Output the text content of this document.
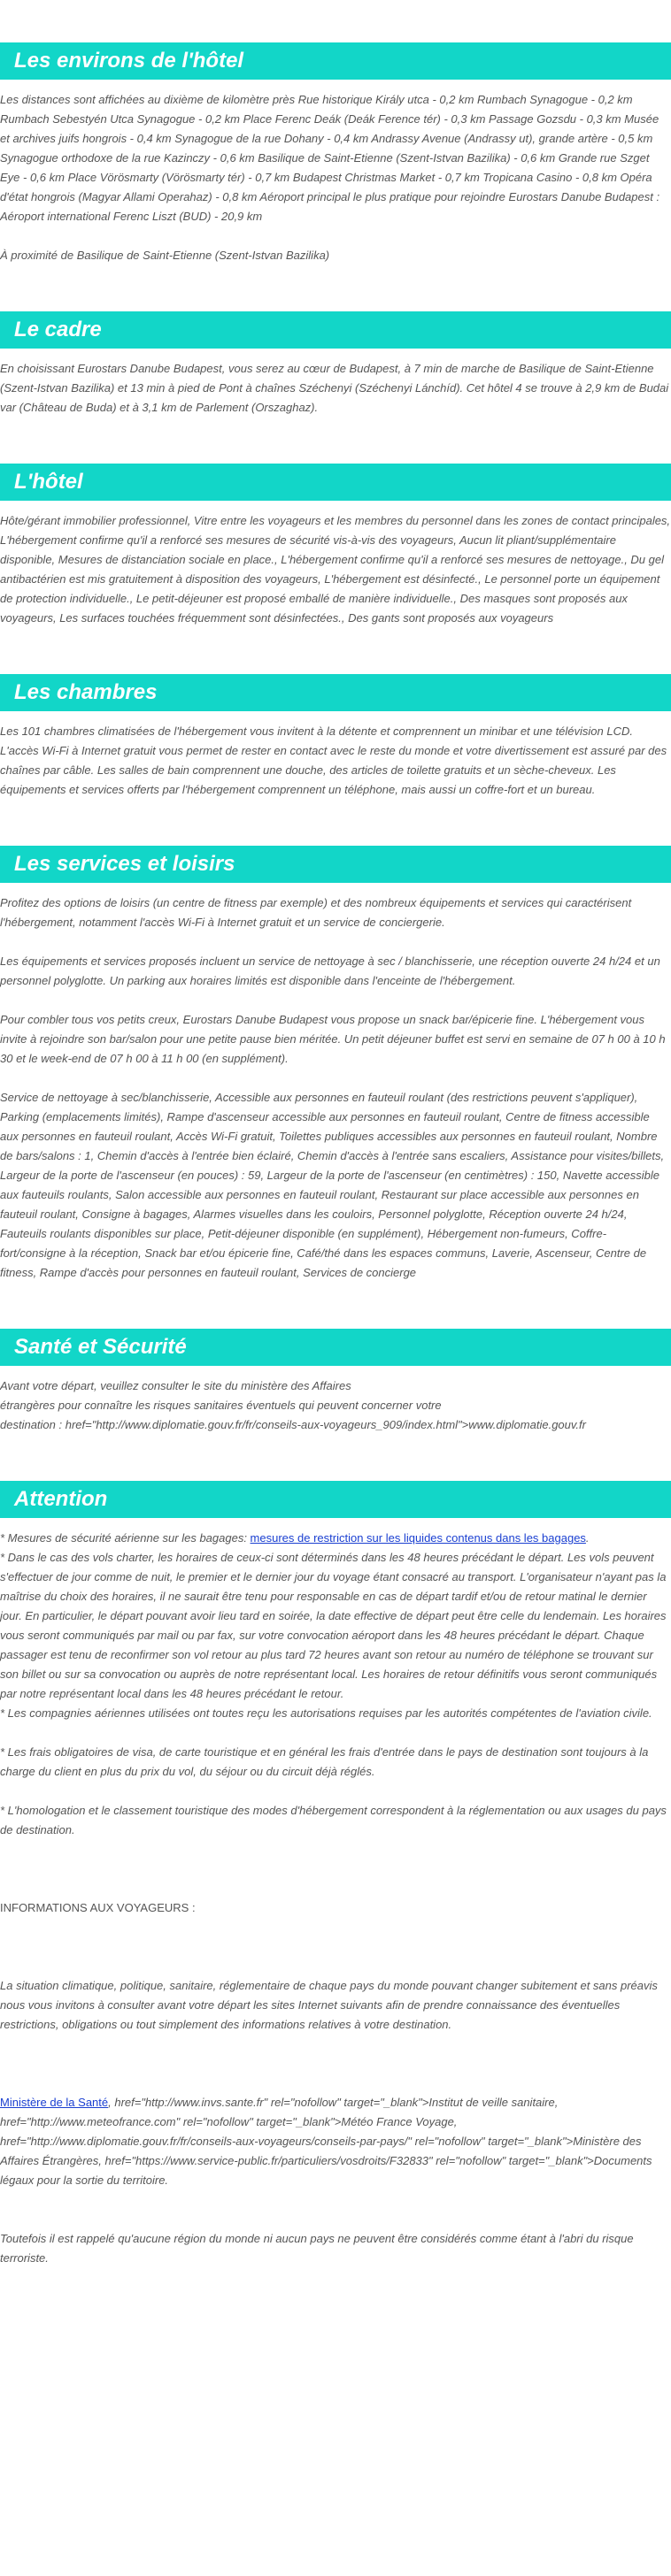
Les environs de l'hôtel

Les distances sont affichées au dixième de kilomètre près Rue historique Király utca - 0,2 km Rumbach Synagogue - 0,2 km Rumbach Sebestyén Utca Synagogue - 0,2 km Place Ferenc Deák (Deák Ference tér) - 0,3 km Passage Gozsdu - 0,3 km Musée et archives juifs hongrois - 0,4 km Synagogue de la rue Dohany - 0,4 km Andrassy Avenue (Andrassy ut), grande artère - 0,5 km Synagogue orthodoxe de la rue Kazinczy - 0,6 km Basilique de Saint-Etienne (Szent-Istvan Bazilika) - 0,6 km Grande rue Szget Eye - 0,6 km Place Vörösmarty (Vörösmarty tér) - 0,7 km Budapest Christmas Market - 0,7 km Tropicana Casino - 0,8 km Opéra d'état hongrois (Magyar Allami Operahaz) - 0,8 km Aéroport principal le plus pratique pour rejoindre Eurostars Danube Budapest : Aéroport international Ferenc Liszt (BUD) - 20,9 km

À proximité de Basilique de Saint-Etienne (Szent-Istvan Bazilika)

Le cadre

En choisissant Eurostars Danube Budapest, vous serez au cœur de Budapest, à 7 min de marche de Basilique de Saint-Etienne (Szent-Istvan Bazilika) et 13 min à pied de Pont à chaînes Széchenyi (Széchenyi Lánchíd). Cet hôtel 4 se trouve à 2,9 km de Budai var (Château de Buda) et à 3,1 km de Parlement (Orszaghaz).

L'hôtel

Hôte/gérant immobilier professionnel, Vitre entre les voyageurs et les membres du personnel dans les zones de contact principales, L'hébergement confirme qu'il a renforcé ses mesures de sécurité vis-à-vis des voyageurs, Aucun lit pliant/supplémentaire disponible, Mesures de distanciation sociale en place., L'hébergement confirme qu'il a renforcé ses mesures de nettoyage., Du gel antibactérien est mis gratuitement à disposition des voyageurs, L'hébergement est désinfecté., Le personnel porte un équipement de protection individuelle., Le petit-déjeuner est proposé emballé de manière individuelle., Des masques sont proposés aux voyageurs, Les surfaces touchées fréquemment sont désinfectées., Des gants sont proposés aux voyageurs

Les chambres

Les 101 chambres climatisées de l'hébergement vous invitent à la détente et comprennent un minibar et une télévision LCD. L'accès Wi-Fi à Internet gratuit vous permet de rester en contact avec le reste du monde et votre divertissement est assuré par des chaînes par câble. Les salles de bain comprennent une douche, des articles de toilette gratuits et un sèche-cheveux. Les équipements et services offerts par l'hébergement comprennent un téléphone, mais aussi un coffre-fort et un bureau.

Les services et loisirs

Profitez des options de loisirs (un centre de fitness par exemple) et des nombreux équipements et services qui caractérisent l'hébergement, notamment l'accès Wi-Fi à Internet gratuit et un service de conciergerie.

Les équipements et services proposés incluent un service de nettoyage à sec / blanchisserie, une réception ouverte 24 h/24 et un personnel polyglotte. Un parking aux horaires limités est disponible dans l'enceinte de l'hébergement.

Pour combler tous vos petits creux, Eurostars Danube Budapest vous propose un snack bar/épicerie fine. L'hébergement vous invite à rejoindre son bar/salon pour une petite pause bien méritée. Un petit déjeuner buffet est servi en semaine de 07 h 00 à 10 h 30 et le week-end de 07 h 00 à 11 h 00 (en supplément).

Service de nettoyage à sec/blanchisserie, Accessible aux personnes en fauteuil roulant (des restrictions peuvent s'appliquer), Parking (emplacements limités), Rampe d'ascenseur accessible aux personnes en fauteuil roulant, Centre de fitness accessible aux personnes en fauteuil roulant, Accès Wi-Fi gratuit, Toilettes publiques accessibles aux personnes en fauteuil roulant, Nombre de bars/salons : 1, Chemin d'accès à l'entrée bien éclairé, Chemin d'accès à l'entrée sans escaliers, Assistance pour visites/billets, Largeur de la porte de l'ascenseur (en pouces) : 59, Largeur de la porte de l'ascenseur (en centimètres) : 150, Navette accessible aux fauteuils roulants, Salon accessible aux personnes en fauteuil roulant, Restaurant sur place accessible aux personnes en fauteuil roulant, Consigne à bagages, Alarmes visuelles dans les couloirs, Personnel polyglotte, Réception ouverte 24 h/24, Fauteuils roulants disponibles sur place, Petit-déjeuner disponible (en supplément), Hébergement non-fumeurs, Coffre-fort/consigne à la réception, Snack bar et/ou épicerie fine, Café/thé dans les espaces communs, Laverie, Ascenseur, Centre de fitness, Rampe d'accès pour personnes en fauteuil roulant, Services de concierge

Santé et Sécurité

Avant votre départ, veuillez consulter le site du ministère des Affaires

étrangères pour connaître les risques sanitaires éventuels qui peuvent concerner votre

destination : href="http://www.diplomatie.gouv.fr/fr/conseils-aux-voyageurs_909/index.html">www.diplomatie.gouv.fr

Attention

* Mesures de sécurité aérienne sur les bagages: mesures de restriction sur les liquides contenus dans les bagages.

* Dans le cas des vols charter, les horaires de ceux-ci sont déterminés dans les 48 heures précédant le départ. Les vols peuvent s'effectuer de jour comme de nuit, le premier et le dernier jour du voyage étant consacré au transport. L'organisateur n'ayant pas la maîtrise du choix des horaires, il ne saurait être tenu pour responsable en cas de départ tardif et/ou de retour matinal le dernier jour. En particulier, le départ pouvant avoir lieu tard en soirée, la date effective de départ peut être celle du lendemain. Les horaires vous seront communiqués par mail ou par fax, sur votre convocation aéroport dans les 48 heures précédant le départ. Chaque passager est tenu de reconfirmer son vol retour au plus tard 72 heures avant son retour au numéro de téléphone se trouvant sur son billet ou sur sa convocation ou auprès de notre représentant local. Les horaires de retour définitifs vous seront communiqués par notre représentant local dans les 48 heures précédant le retour.

* Les compagnies aériennes utilisées ont toutes reçu les autorisations requises par les autorités compétentes de l'aviation civile.

* Les frais obligatoires de visa, de carte touristique et en général les frais d'entrée dans le pays de destination sont toujours à la charge du client en plus du prix du vol, du séjour ou du circuit déjà réglés.

* L'homologation et le classement touristique des modes d'hébergement correspondent à la réglementation ou aux usages du pays de destination.

INFORMATIONS AUX VOYAGEURS :

La situation climatique, politique, sanitaire, réglementaire de chaque pays du monde pouvant changer subitement et sans préavis

nous vous invitons à consulter avant votre départ les sites Internet suivants afin de prendre connaissance des éventuelles restrictions, obligations ou tout simplement des informations relatives à votre destination.

Ministère de la Santé, href="http://www.invs.sante.fr" rel="nofollow" target="_blank">Institut de veille sanitaire, href="http://www.meteofrance.com" rel="nofollow" target="_blank">Météo France Voyage, href="http://www.diplomatie.gouv.fr/fr/conseils-aux-voyageurs/conseils-par-pays/" rel="nofollow" target="_blank">Ministère des Affaires Étrangères, href="https://www.service-public.fr/particuliers/vosdroits/F32833" rel="nofollow" target="_blank">Documents légaux pour la sortie du territoire.

Toutefois il est rappelé qu'aucune région du monde ni aucun pays ne peuvent être considérés comme étant à l'abri du risque terroriste.
